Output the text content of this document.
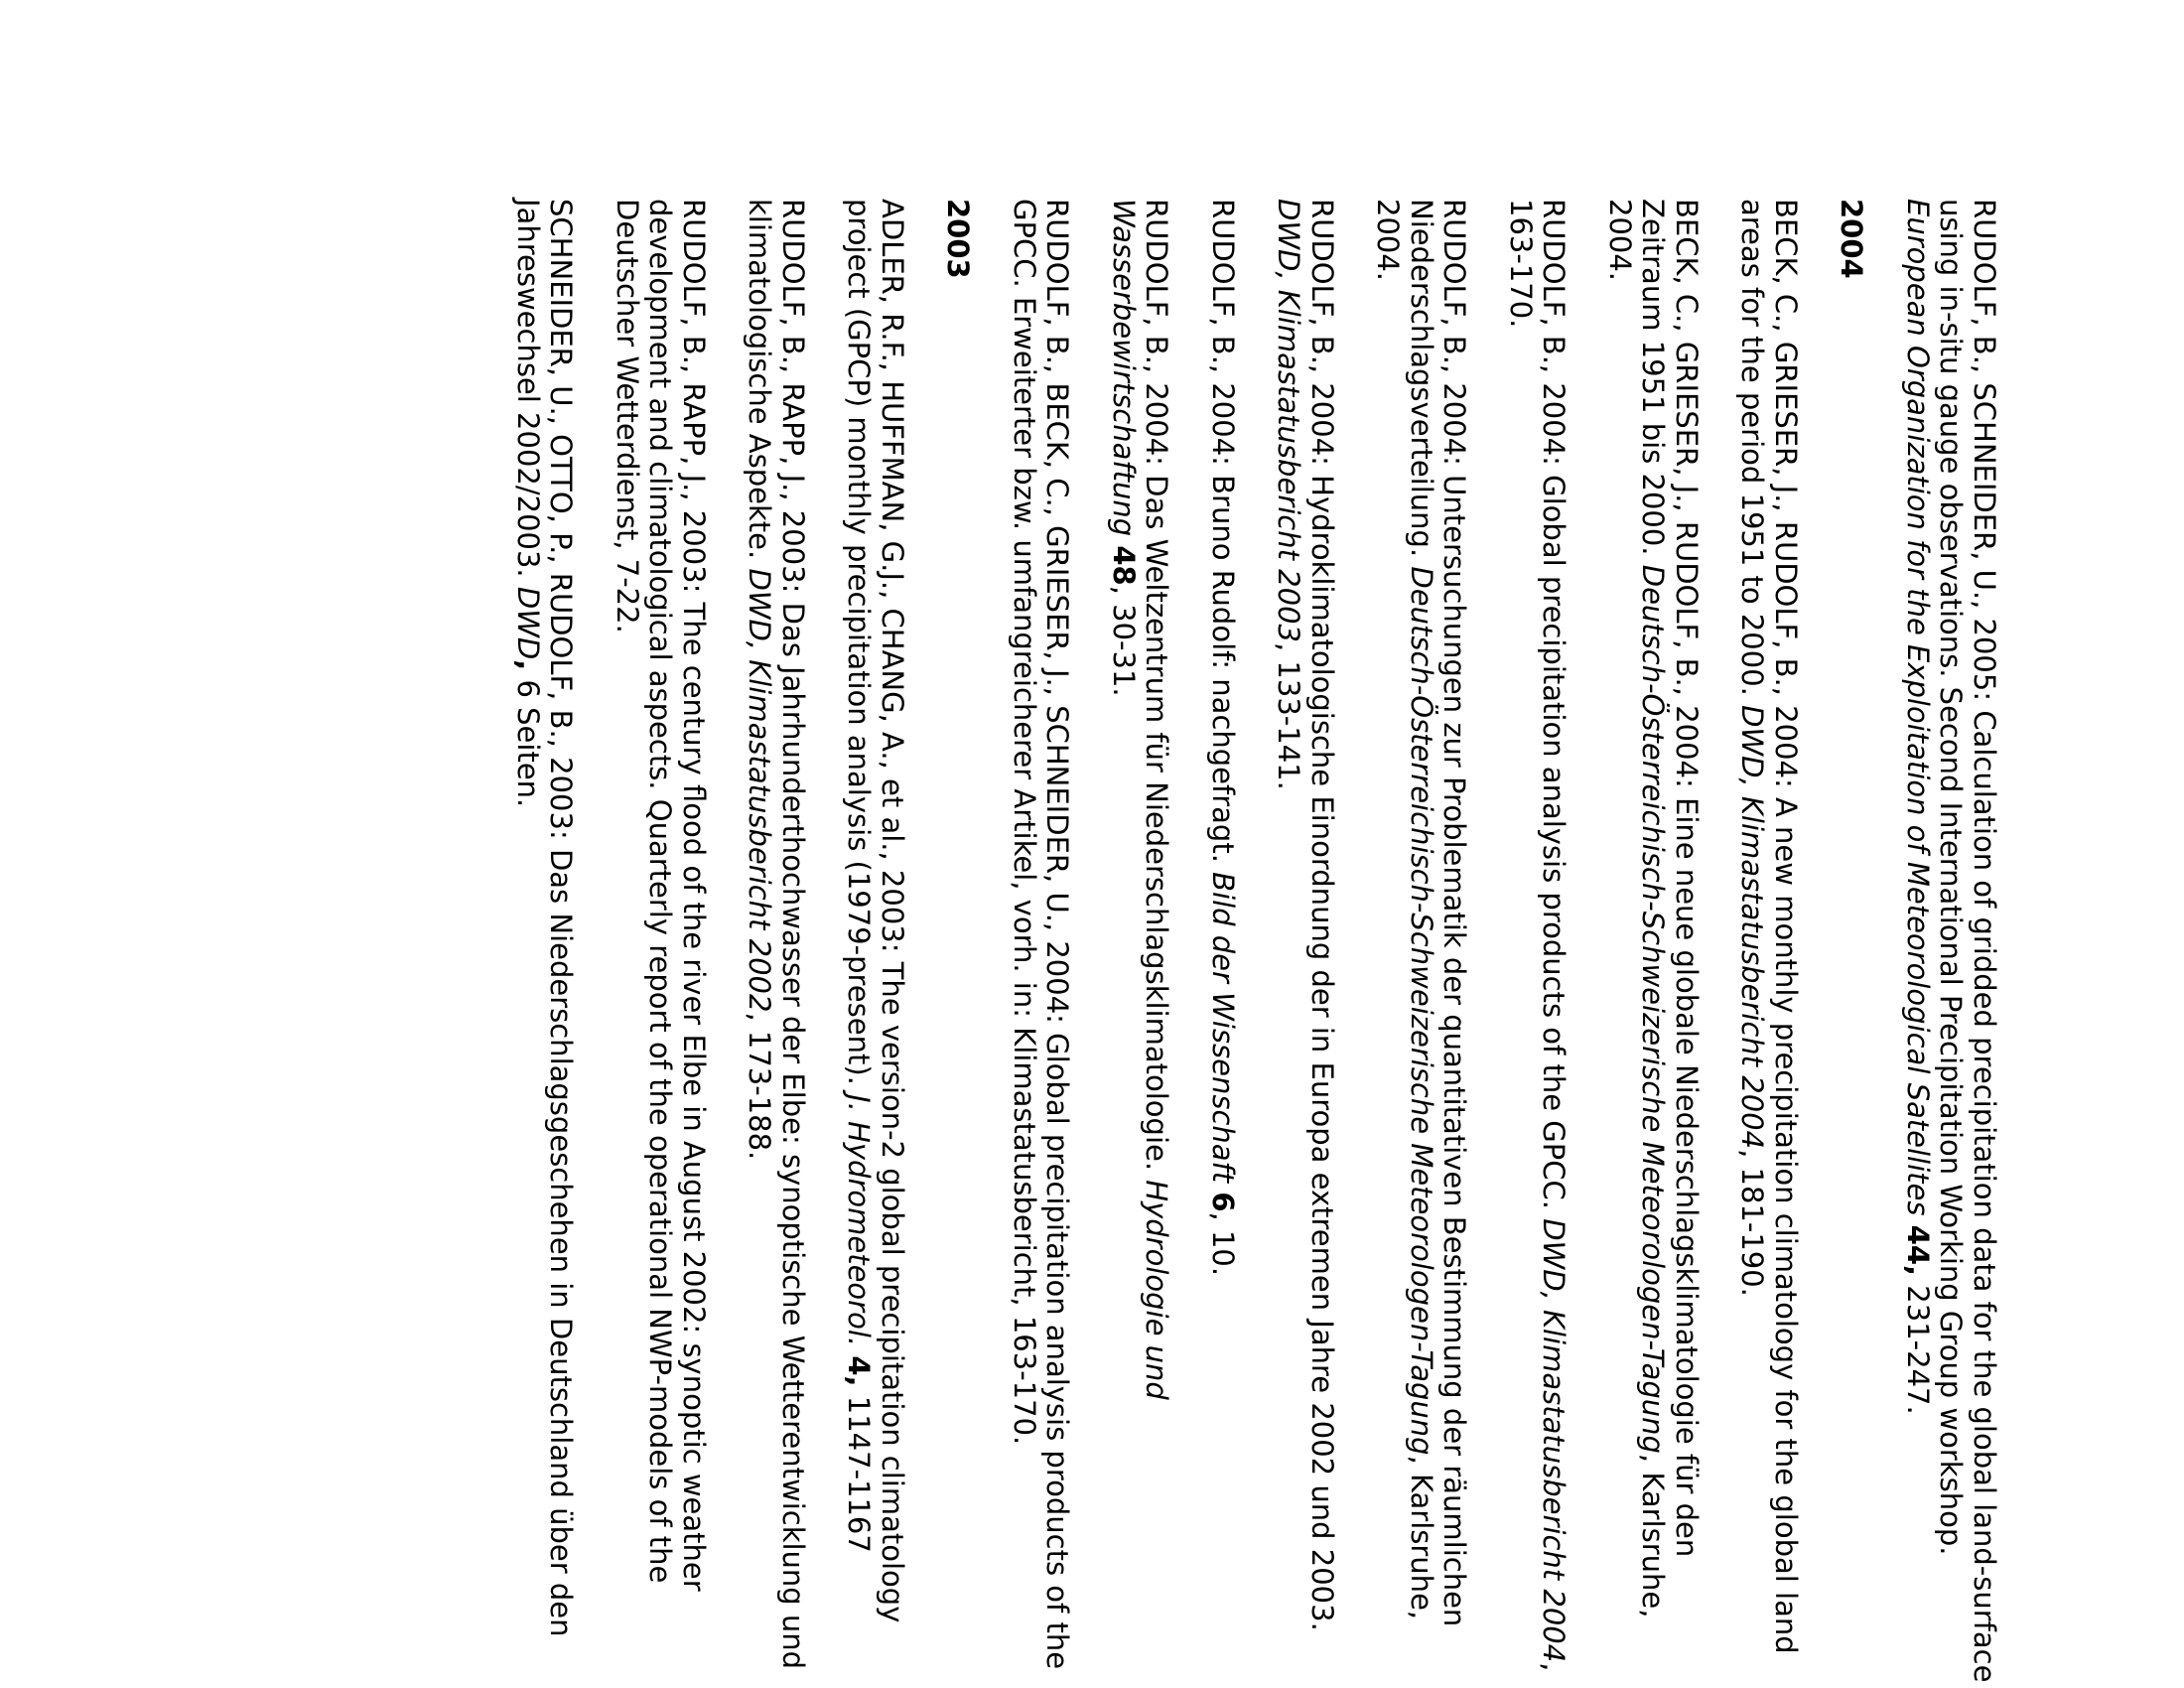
RUDOLF, B., SCHNEIDER, U., 2005: Calculation of gridded precipitation data for the global land-surface using in-situ gauge observations. Second International Precipitation Working Group workshop. European Organization for the Exploitation of Meteorological Satellites 44, 231-247.

2004

BECK, C., GRIESER, J., RUDOLF, B., 2004: A new monthly precipitation climatology for the global land areas for the period 1951 to 2000. DWD, Klimastatusbericht 2004, 181-190.

BECK, C., GRIESER, J., RUDOLF, B., 2004: Eine neue globale Niederschlagsklimatologie für den Zeitraum 1951 bis 2000. Deutsch-Österreichisch-Schweizerische Meteorologen-Tagung, Karlsruhe, 2004.

RUDOLF, B., 2004: Global precipitation analysis products of the GPCC. DWD, Klimastatusbericht 2004, 163-170.

RUDOLF, B., 2004: Untersuchungen zur Problematik der quantitativen Bestimmung der räumlichen Niederschlagsverteilung. Deutsch-Österreichisch-Schweizerische Meteorologen-Tagung, Karlsruhe, 2004.

RUDOLF, B., 2004: Hydroklimatologische Einordnung der in Europa extremen Jahre 2002 und 2003. DWD, Klimastatusbericht 2003, 133-141.

RUDOLF, B., 2004: Bruno Rudolf: nachgefragt. Bild der Wissenschaft 6, 10.

RUDOLF, B., 2004: Das Weltzentrum für Niederschlagsklimatologie. Hydrologie und Wasserbewirtschaftung 48, 30-31.

RUDOLF, B., BECK, C., GRIESER, J., SCHNEIDER, U., 2004: Global precipitation analysis products of the GPCC. Erweiterter bzw. umfangreicherer Artikel, vorh. in: Klimastatusbericht, 163-170.

2003

ADLER, R.F., HUFFMAN, G.J., CHANG, A., et al., 2003: The version-2 global precipitation climatology project (GPCP) monthly precipitation analysis (1979-present). J. Hydrometeorol. 4, 1147-1167

RUDOLF, B., RAPP, J., 2003: Das Jahrhunderthochwasser der Elbe: synoptische Wetterentwicklung und klimatologische Aspekte. DWD, Klimastatusbericht 2002, 173-188.

RUDOLF, B., RAPP, J., 2003: The century flood of the river Elbe in August 2002: synoptic weather development and climatological aspects. Quarterly report of the operational NWP-models of the Deutscher Wetterdienst, 7-22.

SCHNEIDER, U., OTTO, P., RUDOLF, B., 2003: Das Niederschlagsgeschehen in Deutschland über den Jahreswechsel 2002/2003. DWD, 6 Seiten.
